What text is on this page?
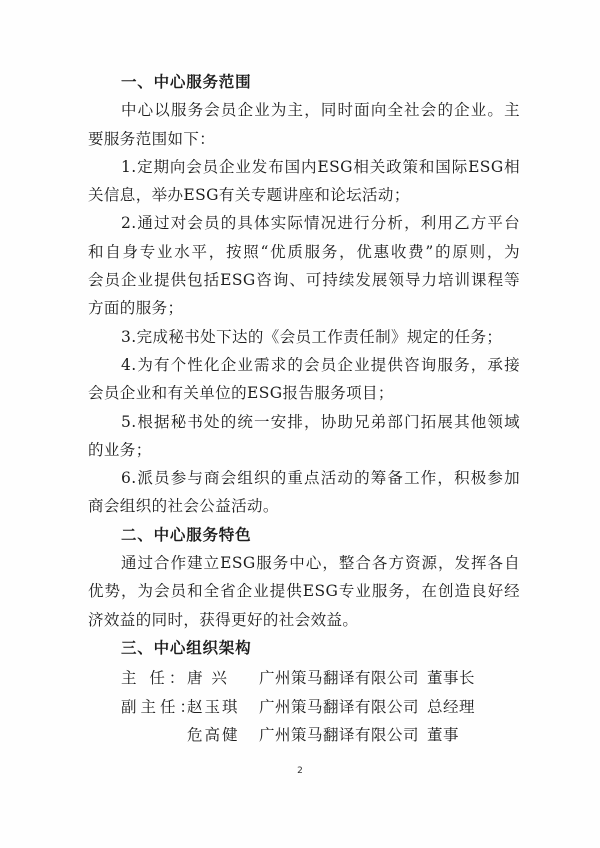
一、中心服务范围
中心以服务会员企业为主，同时面向全社会的企业。主
要服务范围如下：
1.定期向会员企业发布国内ESG相关政策和国际ESG相
关信息，举办ESG有关专题讲座和论坛活动；
2.通过对会员的具体实际情况进行分析，利用乙方平台
和自身专业水平，按照“优质服务，优惠收费”的原则，为
会员企业提供包括ESG咨询、可持续发展领导力培训课程等
方面的服务；
3.完成秘书处下达的《会员工作责任制》规定的任务；
4.为有个性化企业需求的会员企业提供咨询服务，承接
会员企业和有关单位的ESG报告服务项目；
5.根据秘书处的统一安排，协助兄弟部门拓展其他领域
的业务；
6.派员参与商会组织的重点活动的筹备工作，积极参加
商会组织的社会公益活动。
二、中心服务特色
通过合作建立ESG服务中心，整合各方资源，发挥各自
优势，为会员和全省企业提供ESG专业服务，在创造良好经
济效益的同时，获得更好的社会效益。
三、中心组织架构
主 任：
唐 兴	广州策马翻译有限公司 董事长
副主任：
赵玉琪	广州策马翻译有限公司 总经理
危高健	广州策马翻译有限公司 董事
2
